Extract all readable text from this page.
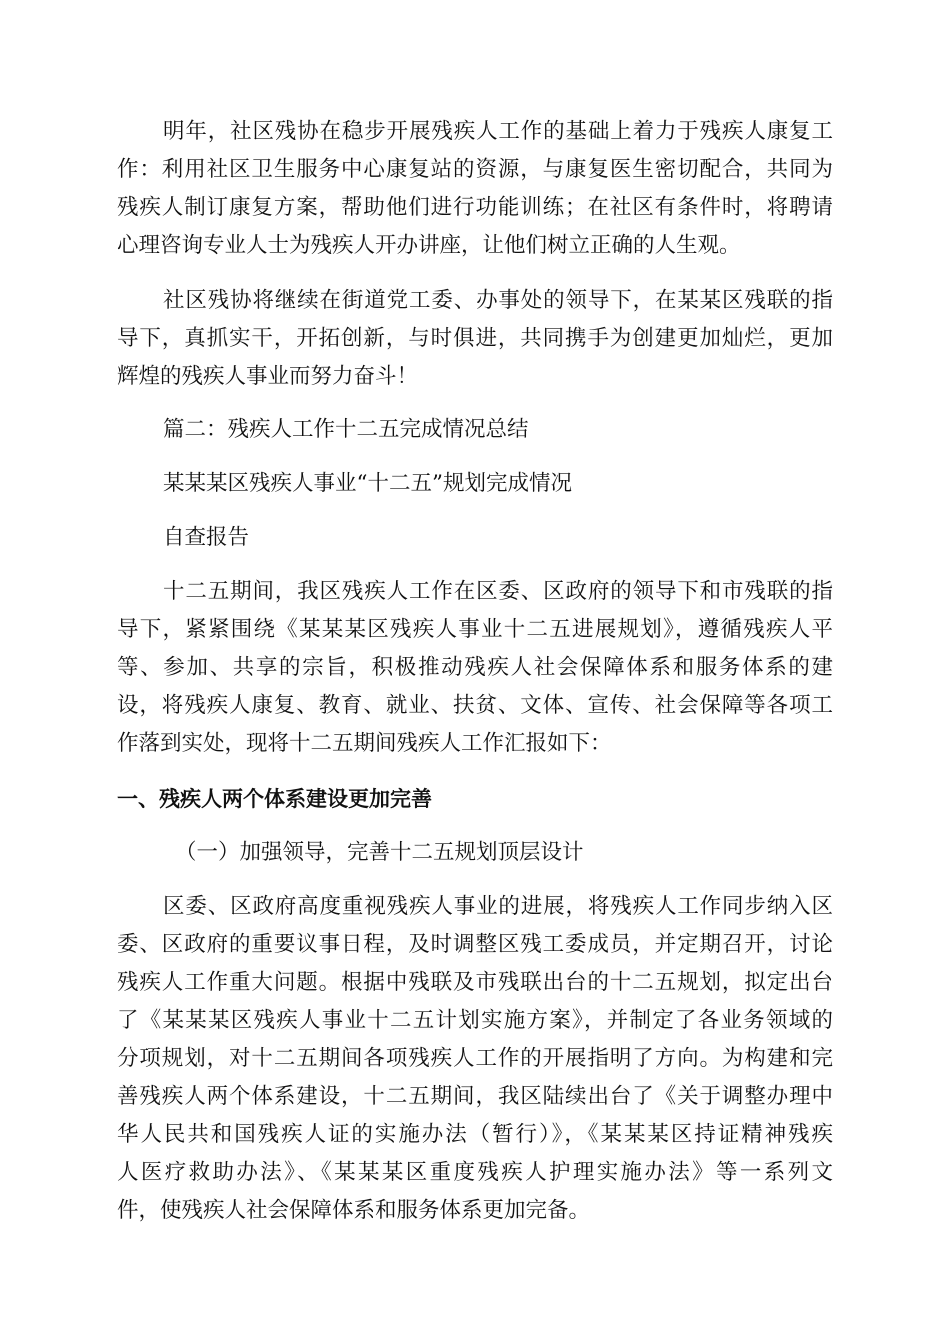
明年，社区残协在稳步开展残疾人工作的基础上着力于残疾人康复工
作：利用社区卫生服务中心康复站的资源，与康复医生密切配合，共同为
残疾人制订康复方案，帮助他们进行功能训练；在社区有条件时，将聘请
心理咨询专业人士为残疾人开办讲座，让他们树立正确的人生观。
社区残协将继续在街道党工委、办事处的领导下，在某某区残联的指
导下，真抓实干，开拓创新，与时俱进，共同携手为创建更加灿烂，更加
辉煌的残疾人事业而努力奋斗！
篇二：残疾人工作十二五完成情况总结
某某某区残疾人事业“十二五”规划完成情况
自查报告
十二五期间，我区残疾人工作在区委、区政府的领导下和市残联的指
导下，紧紧围绕《某某某区残疾人事业十二五进展规划》，遵循残疾人平
等、参加、共享的宗旨，积极推动残疾人社会保障体系和服务体系的建
设，将残疾人康复、教育、就业、扶贫、文体、宣传、社会保障等各项工
作落到实处，现将十二五期间残疾人工作汇报如下：
一、残疾人两个体系建设更加完善
（一）加强领导，完善十二五规划顶层设计
区委、区政府高度重视残疾人事业的进展，将残疾人工作同步纳入区
委、区政府的重要议事日程，及时调整区残工委成员，并定期召开，讨论
残疾人工作重大问题。根据中残联及市残联出台的十二五规划，拟定出台
了《某某某区残疾人事业十二五计划实施方案》，并制定了各业务领域的
分项规划，对十二五期间各项残疾人工作的开展指明了方向。为构建和完
善残疾人两个体系建设，十二五期间，我区陆续出台了《关于调整办理中
华人民共和国残疾人证的实施办法（暂行）》，《某某某区持证精神残疾
人医疗救助办法》、《某某某区重度残疾人护理实施办法》等一系列文
件，使残疾人社会保障体系和服务体系更加完备。
